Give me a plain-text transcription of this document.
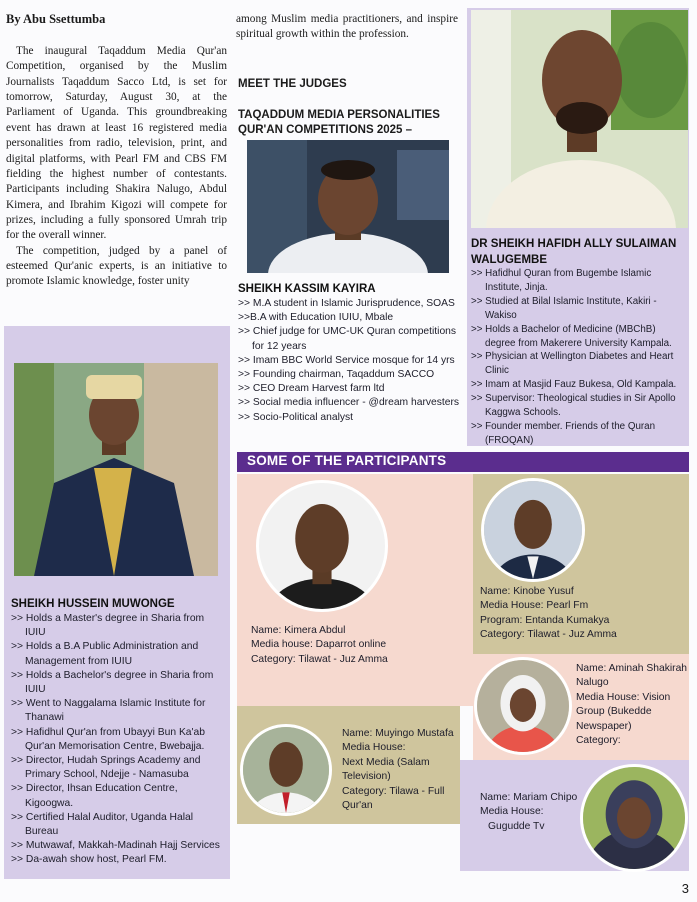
By Abu Ssettumba

The inaugural Taqaddum Media Qur'an Competition, organised by the Muslim Journalists Taqaddum Sacco Ltd, is set for tomorrow, Saturday, August 30, at the Parliament of Uganda. This groundbreaking event has drawn at least 16 registered media personalities from radio, television, print, and digital platforms, with Pearl FM and CBS FM fielding the highest number of contestants. Participants including Shakira Nalugo, Abdul Kimera, and Ibrahim Kigozi will compete for prizes, including a fully sponsored Umrah trip for the overall winner.

The competition, judged by a panel of esteemed Qur'anic experts, is an initiative to promote Islamic knowledge, foster unity

among Muslim media practitioners, and inspire spiritual growth within the profession.
MEET THE JUDGES
TAQADDUM MEDIA PERSONALITIES QUR'AN COMPETITIONS 2025 –
SHEIKH KASSIM KAYIRA
>> M.A student in Islamic Jurisprudence, SOAS
>>B.A with Education IUIU, Mbale
>> Chief judge for UMC-UK Quran competitions for 12 years
>> Imam BBC World Service mosque for 14 yrs
>> Founding chairman, Taqaddum SACCO
>> CEO Dream Harvest farm ltd
>> Social media influencer - @dream harvesters
>> Socio-Political analyst
DR SHEIKH HAFIDH ALLY SULAIMAN WALUGEMBE
>> Hafidhul Quran from Bugembe Islamic Institute, Jinja.
>> Studied at Bilal Islamic Institute, Kakiri - Wakiso
>> Holds a Bachelor of Medicine (MBChB) degree from Makerere University Kampala.
>> Physician at Wellington Diabetes and Heart Clinic
>> Imam at Masjid Fauz Bukesa, Old Kampala.
>> Supervisor: Theological studies in Sir Apollo Kaggwa Schools.
>> Founder member. Friends of the Quran (FROQAN)
SHEIKH HUSSEIN MUWONGE
>> Holds a Master's degree in Sharia from IUIU
>> Holds a B.A Public Administration and Management from IUIU
>> Holds a Bachelor's degree in Sharia from IUIU
>> Went to Naggalama Islamic Institute for Thanawi
>> Hafidhul Qur'an from Ubayyi Bun Ka'ab Qur'an Memorisation Centre, Bwebajja.
>> Director, Hudah Springs Academy and Primary School, Ndejje - Namasuba
>> Director, Ihsan Education Centre, Kigoogwa.
>> Certified Halal Auditor, Uganda Halal Bureau
>> Mutwawaf, Makkah-Madinah Hajj Services
>> Da-awah show host, Pearl FM.
SOME OF THE PARTICIPANTS
Name: Kimera Abdul
Media house: Daparrot online
Category: Tilawat - Juz Amma
Name: Kinobe Yusuf
Media House: Pearl Fm
Program: Entanda Kumakya
Category: Tilawat - Juz Amma
Name: Aminah Shakirah Nalugo
Media House: Vision Group (Bukedde Newspaper)
Category:
Name: Muyingo Mustafa
Media House:
Next Media (Salam Television)
Category: Tilawa - Full Qur'an
Name: Mariam Chipo
Media House:
Gugudde Tv
3
